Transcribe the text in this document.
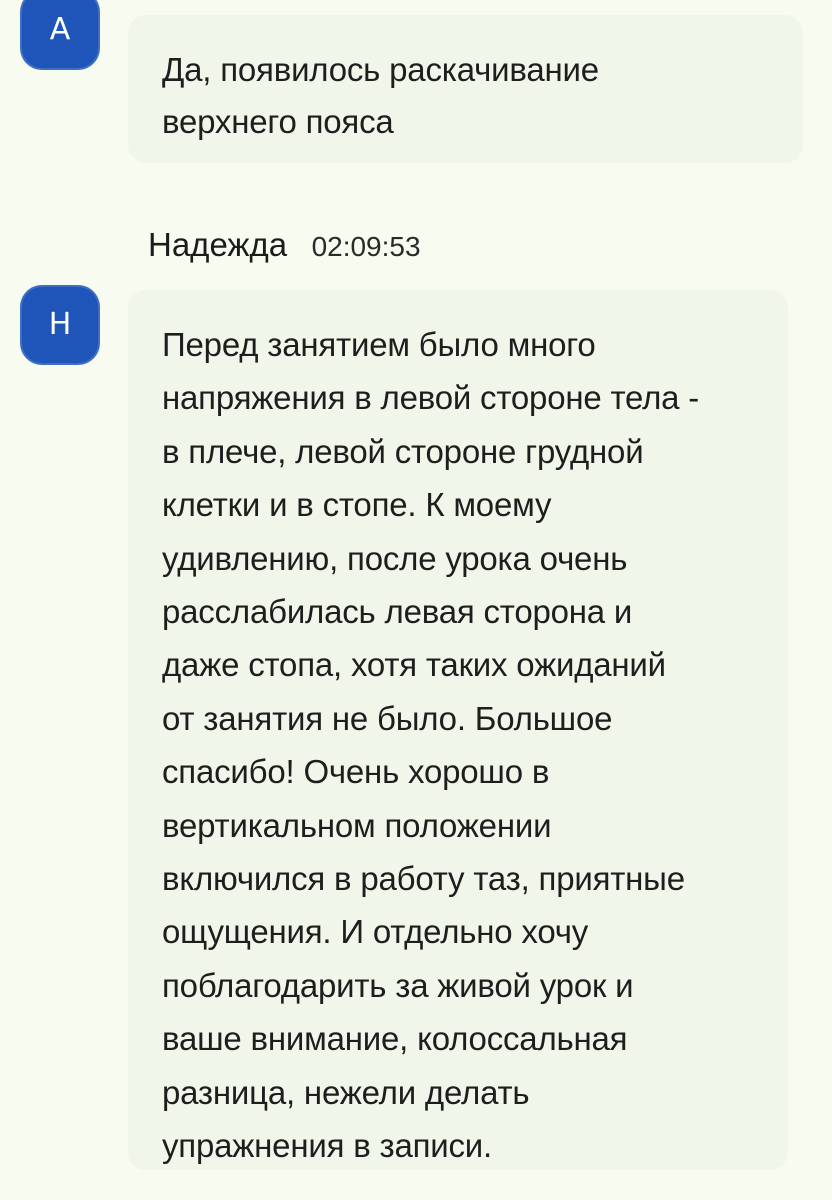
A

Да, появилось раскачивание
верхнего пояса

Надежда 02:09:53
Н

Перед занятием было много
напряжения в левой стороне тела -
в плече, левой стороне грудной
клетки и в стопе. К моему
удивлению, после урока очень
расслабилась левая сторона и
даже стопа, хотя таких ожиданий
от занятия не было. Большое
спасибо! Очень хорошо в
вертикальном положении
включился в работу таз, приятные
ощущения. И отдельно хочу
поблагодарить за живой урок и
ваше внимание, колоссальная
разница, нежели делать
упражнения в записи.
